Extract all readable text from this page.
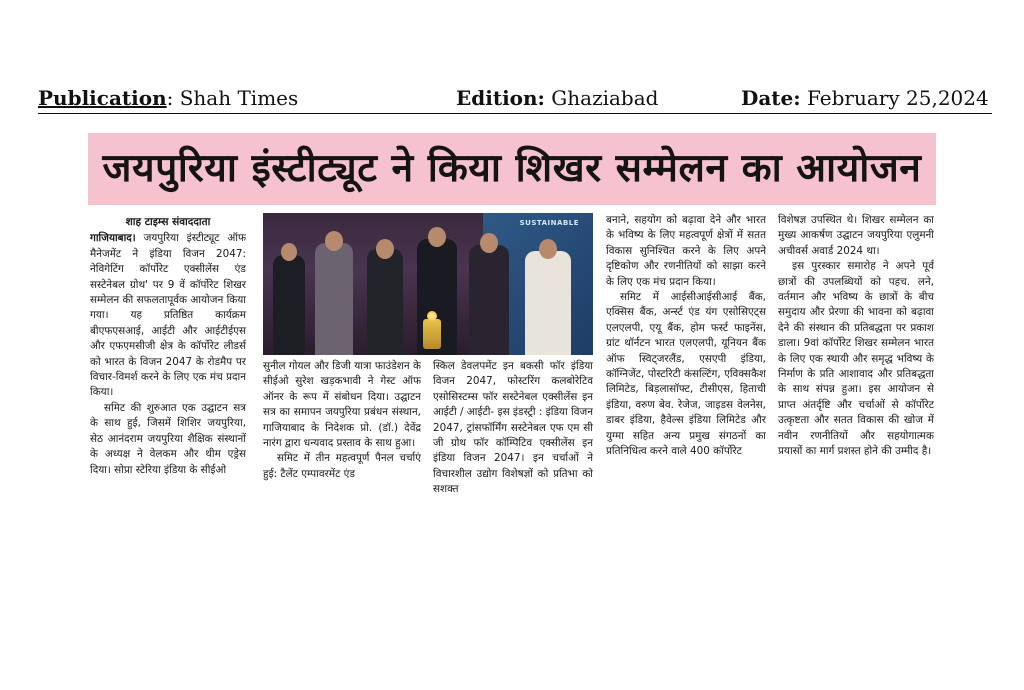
Publication: Shah Times	Edition: Ghaziabad	Date: February 25,2024
जयपुरिया इंस्टीट्यूट ने किया शिखर सम्मेलन का आयोजन
शाह टाइम्स संवाददाता

गाजियाबाद। जयपुरिया इंस्टीट्यूट ऑफ मैनेजमेंट ने इंडिया विजन 2047: नेविगेटिंग कॉर्पोरेट एक्सीलेंस एंड सस्टेनेबल ग्रोथ' पर 9 वें कॉर्पोरेट शिखर सम्मेलन की सफलतापूर्वक आयोजन किया गया। यह प्रतिष्ठित कार्यक्रम बीएफएसआई, आईटी और आईटीईएस और एफएमसीजी क्षेत्र के कॉर्पोरेट लीडर्स को भारत के विजन 2047 के रोडमैप पर विचार-विमर्श करने के लिए एक मंच प्रदान किया।

समिट की शुरुआत एक उद्घाटन सत्र के साथ हुई, जिसमें शिशिर जयपुरिया, सेठ आनंदराम जयपुरिया शैक्षिक संस्थानों के अध्यक्ष ने वेलकम और थीम एड्रेस दिया। सोप्रा स्टेरिया इंडिया के सीईओ

SUSTAINABLE

सुनील गोयल और डिजी यात्रा फाउंडेशन के सीईओ सुरेश खड़कभावी ने गेस्ट ऑफ ऑनर के रूप में संबोधन दिया। उद्घाटन सत्र का समापन जयपुरिया प्रबंधन संस्थान, गाजियाबाद के निदेशक प्रो. (डॉ.) देवेंद्र नारंग द्वारा धन्यवाद प्रस्ताव के साथ हुआ।

समिट में तीन महत्वपूर्ण पैनल चर्चाएं हुई: टैलेंट एम्पावरमेंट एंड

स्किल डेवलपमेंट इन बकसी फॉर इंडिया विजन 2047, फोस्टरिंग कलबोरेटिव एसोसिस्टम्स फॉर सस्टेनेबल एक्सीलेंस इन आईटी / आईटी- इस इंडस्ट्री : इंडिया विजन 2047, ट्रांसफॉर्मिंग सस्टेनेबल एफ एम सी जी ग्रोथ फॉर कॉम्पिटिव एक्सीलेंस इन इंडिया विजन 2047। इन चर्चाओं ने विचारशील उद्योग विशेषज्ञों को प्रतिभा को सशक्त

बनाने, सहयोग को बढ़ावा देने और भारत के भविष्य के लिए महत्वपूर्ण क्षेत्रों में सतत विकास सुनिश्चित करने के लिए अपने दृष्टिकोण और रणनीतियों को साझा करने के लिए एक मंच प्रदान किया।

समिट में आईसीआईसीआई बैंक, एक्सिस बैंक, अर्न्स्ट एंड यंग एसोसिएट्स एलएलपी, एयू बैंक, होम फर्स्ट फाइनेंस, ग्रांट थॉर्नटन भारत एलएलपी, यूनियन बैंक ऑफ स्विट्जरलैंड, एसएपी इंडिया, कॉग्निजेंट, पोस्टरिटी कंसल्टिंग, एविक्सकैश लिमिटेड, बिड़लासॉफ्ट, टीसीएस, हिताची इंडिया, वरुण बेव. रेजेज, जाइडस वेलनेस, डाबर इंडिया, हैवेल्स इंडिया लिमिटेड और युग्मा सहित अन्य प्रमुख संगठनों का प्रतिनिधित्व करने वाले 400 कॉर्पोरेट

विशेषज्ञ उपस्थित थे। शिखर सम्मेलन का मुख्य आकर्षण उद्घाटन जयपुरिया एलुमनी अचीवर्स अवार्ड 2024 था।

इस पुरस्कार समारोह ने अपने पूर्व छात्रों की उपलब्धियों को पहच. लने, वर्तमान और भविष्य के छात्रों के बीच समुदाय और प्रेरणा की भावना को बढ़ावा देने की संस्थान की प्रतिबद्धता पर प्रकाश डाला। 9वां कॉर्पोरेट शिखर सम्मेलन भारत के लिए एक स्थायी और समृद्ध भविष्य के निर्माण के प्रति आशावाद और प्रतिबद्धता के साथ संपन्न हुआ। इस आयोजन से प्राप्त अंतर्दृष्टि और चर्चाओं से कॉर्पोरेट उत्कृष्टता और सतत विकास की खोज में नवीन रणनीतियों और सहयोगात्मक प्रयासों का मार्ग प्रशस्त होने की उम्मीद है।
